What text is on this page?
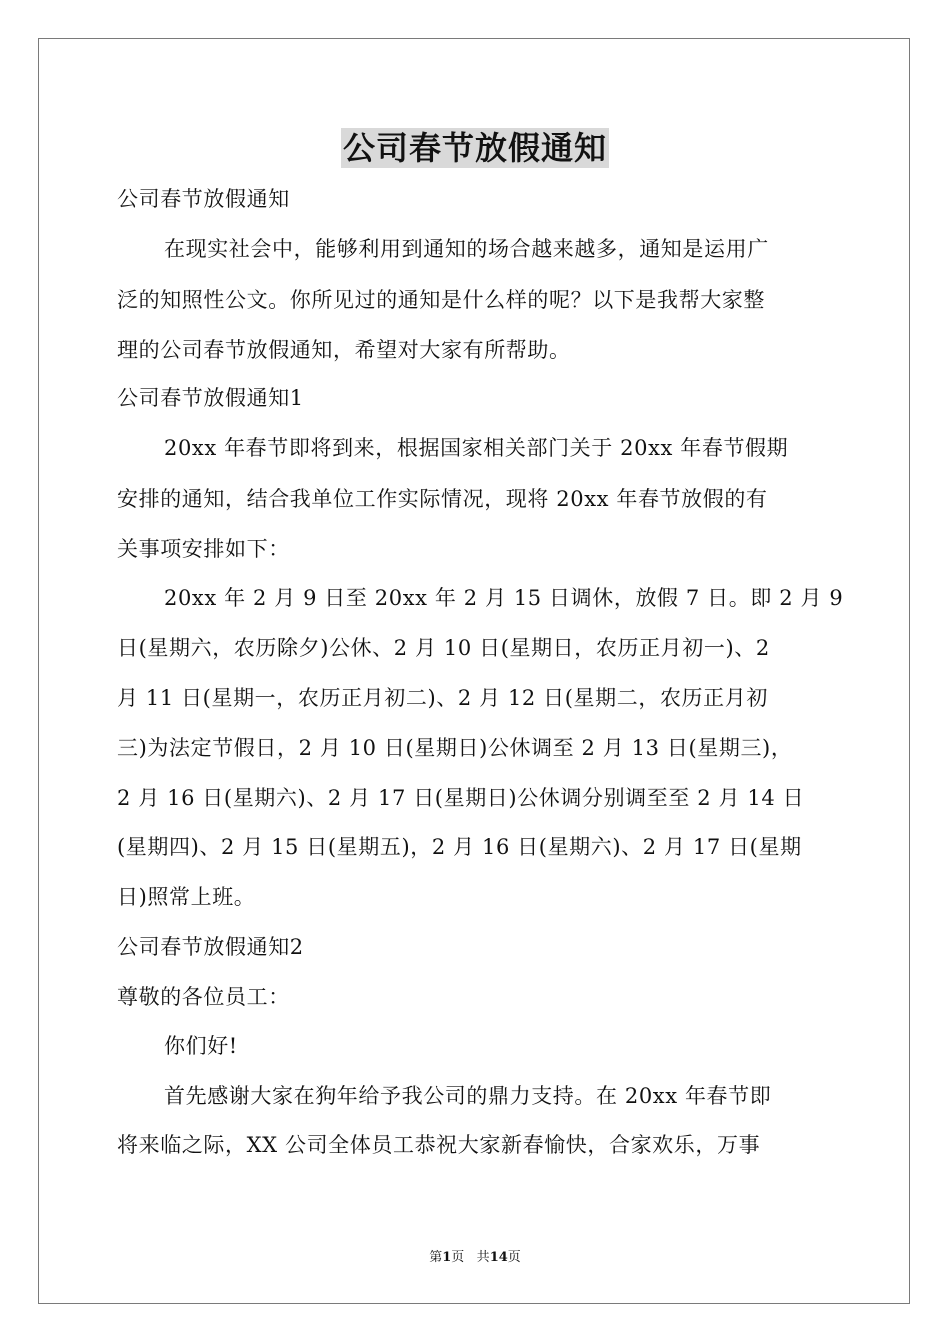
公司春节放假通知
公司春节放假通知
在现实社会中，能够利用到通知的场合越来越多，通知是运用广
泛的知照性公文。你所见过的通知是什么样的呢？以下是我帮大家整
理的公司春节放假通知，希望对大家有所帮助。
公司春节放假通知1
20xx 年春节即将到来，根据国家相关部门关于 20xx 年春节假期
安排的通知，结合我单位工作实际情况，现将 20xx 年春节放假的有
关事项安排如下：
20xx 年 2 月 9 日至 20xx 年 2 月 15 日调休，放假 7 日。即 2 月 9
日(星期六，农历除夕)公休、2 月 10 日(星期日，农历正月初一)、2
月 11 日(星期一，农历正月初二)、2 月 12 日(星期二，农历正月初
三)为法定节假日，2 月 10 日(星期日)公休调至 2 月 13 日(星期三)，
2 月 16 日(星期六)、2 月 17 日(星期日)公休调分别调至至 2 月 14 日
(星期四)、2 月 15 日(星期五)，2 月 16 日(星期六)、2 月 17 日(星期
日)照常上班。
公司春节放假通知2
尊敬的各位员工：
你们好!
首先感谢大家在狗年给予我公司的鼎力支持。在 20xx 年春节即
将来临之际，XX 公司全体员工恭祝大家新春愉快，合家欢乐，万事
第1页 共14页
